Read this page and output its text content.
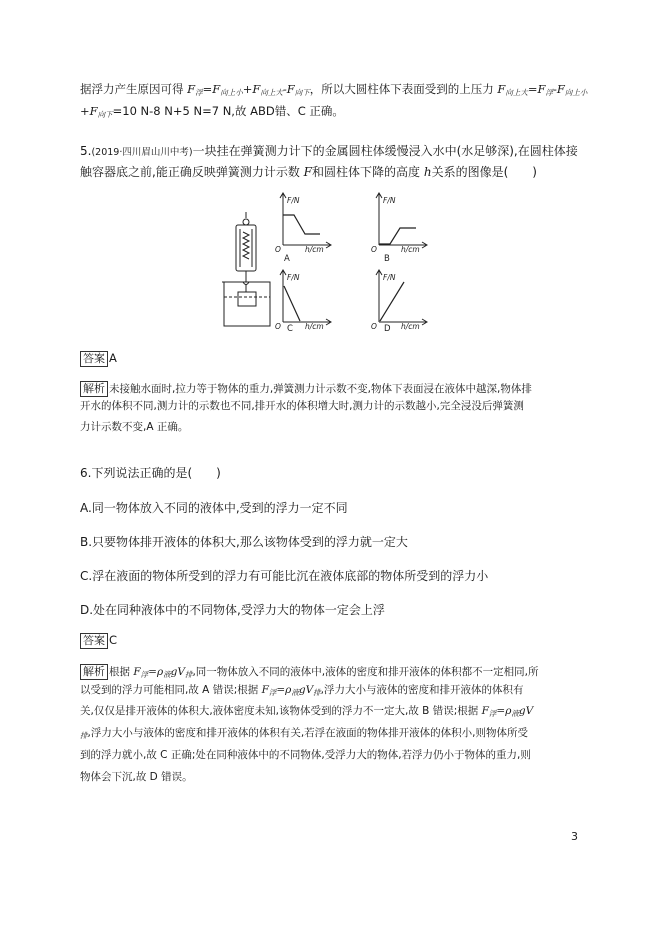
据浮力产生原因可得 $F_浮=F_{向上小}+F_{向上大}-F_{向下}$，所以大圆柱体下表面受到的上压力 $F_{向上大}=F_浮-F_{向上小}$
$+F_{向下}=10$ N-8 N+5 N=7 N,故 ABD错、C 正确。
5.(2019·四川眉山川中考)一块挂在弹簧测力计下的金属圆柱体缓慢浸入水中(水足够深),在圆柱体接
触容器底之前,能正确反映弹簧测力计示数 F和圆柱体下降的高度 h关系的图像是(　　)
F/N
h/cm
O
F/N
h/cm
O
F/N
h/cm
O
F/N
h/cm
O
A	B
C	D
答案 A
解析 未接触水面时,拉力等于物体的重力,弹簧测力计示数不变,物体下表面浸在液体中越深,物体排
开水的体积不同,测力计的示数也不同,排开水的体积增大时,测力计的示数越小,完全浸没后弹簧测
力计示数不变,A 正确。
6.下列说法正确的是(　　)
A.同一物体放入不同的液体中,受到的浮力一定不同
B.只要物体排开液体的体积大,那么该物体受到的浮力就一定大
C.浮在液面的物体所受到的浮力有可能比沉在液体底部的物体所受到的浮力小
D.处在同种液体中的不同物体,受浮力大的物体一定会上浮
答案 C
解析 根据 $F_浮=\rho_液gV_排$,同一物体放入不同的液体中,液体的密度和排开液体的体积都不一定相同,所
以受到的浮力可能相同,故 A 错误;根据 $F_浮=\rho_液gV_排$,浮力大小与液体的密度和排开液体的体积有
关,仅仅是排开液体的体积大,液体密度未知,该物体受到的浮力不一定大,故 B 错误;根据 $F_浮=\rho_液gV$
$_排$,浮力大小与液体的密度和排开液体的体积有关,若浮在液面的物体排开液体的体积小,则物体所受
到的浮力就小,故 C 正确;处在同种液体中的不同物体,受浮力大的物体,若浮力仍小于物体的重力,则
物体会下沉,故 D 错误。
3
